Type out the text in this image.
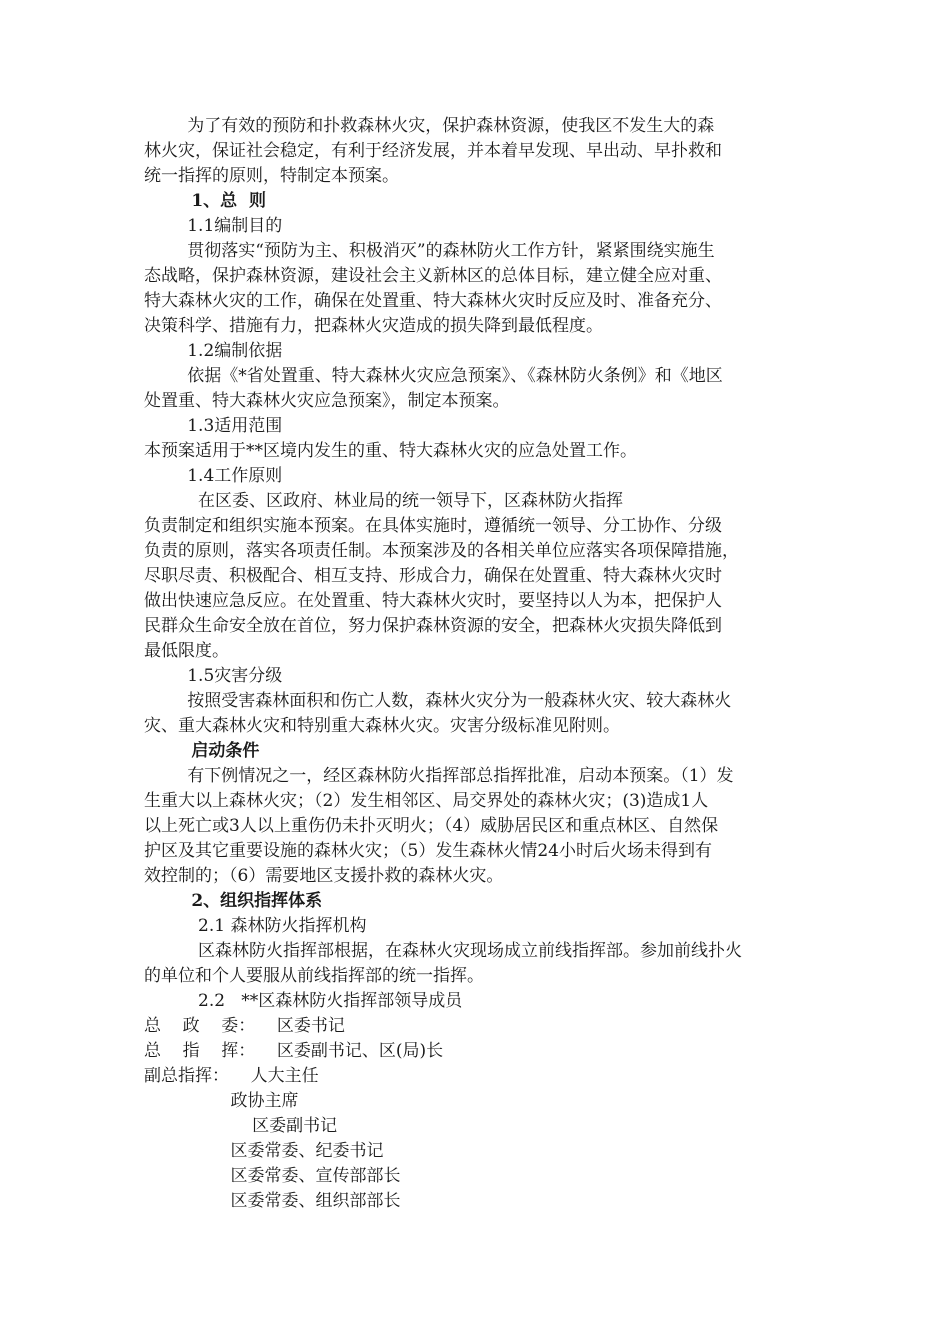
为了有效的预防和扑救森林火灾，保护森林资源，使我区不发生大的森
林火灾，保证社会稳定，有利于经济发展，并本着早发现、早出动、早扑救和
统一指挥的原则，特制定本预案。
1、总  则
1.1编制目的
贯彻落实“预防为主、积极消灭”的森林防火工作方针，紧紧围绕实施生
态战略，保护森林资源，建设社会主义新林区的总体目标，建立健全应对重、
特大森林火灾的工作，确保在处置重、特大森林火灾时反应及时、准备充分、
决策科学、措施有力，把森林火灾造成的损失降到最低程度。
1.2编制依据
依据《*省处置重、特大森林火灾应急预案》、《森林防火条例》和《地区
处置重、特大森林火灾应急预案》，制定本预案。
1.3适用范围
本预案适用于**区境内发生的重、特大森林火灾的应急处置工作。
1.4工作原则
在区委、区政府、林业局的统一领导下，区森林防火指挥
负责制定和组织实施本预案。在具体实施时，遵循统一领导、分工协作、分级
负责的原则，落实各项责任制。本预案涉及的各相关单位应落实各项保障措施，
尽职尽责、积极配合、相互支持、形成合力，确保在处置重、特大森林火灾时
做出快速应急反应。在处置重、特大森林火灾时，要坚持以人为本，把保护人
民群众生命安全放在首位，努力保护森林资源的安全，把森林火灾损失降低到
最低限度。
1.5灾害分级
按照受害森林面积和伤亡人数，森林火灾分为一般森林火灾、较大森林火
灾、重大森林火灾和特别重大森林火灾。灾害分级标准见附则。
启动条件
有下例情况之一，经区森林防火指挥部总指挥批准，启动本预案。（1）发
生重大以上森林火灾；（2）发生相邻区、局交界处的森林火灾；(3)造成1人
以上死亡或3人以上重伤仍未扑灭明火；（4）威胁居民区和重点林区、自然保
护区及其它重要设施的森林火灾；（5）发生森林火情24小时后火场未得到有
效控制的；（6）需要地区支援扑救的森林火灾。
2、组织指挥体系
2.1 森林防火指挥机构
区森林防火指挥部根据，在森林火灾现场成立前线指挥部。参加前线扑火
的单位和个人要服从前线指挥部的统一指挥。
2.2   **区森林防火指挥部领导成员
总    政    委：    区委书记
总    指    挥：    区委副书记、区(局)长
副总指挥：    人大主任
政协主席
区委副书记
区委常委、纪委书记
区委常委、宣传部部长
区委常委、组织部部长
